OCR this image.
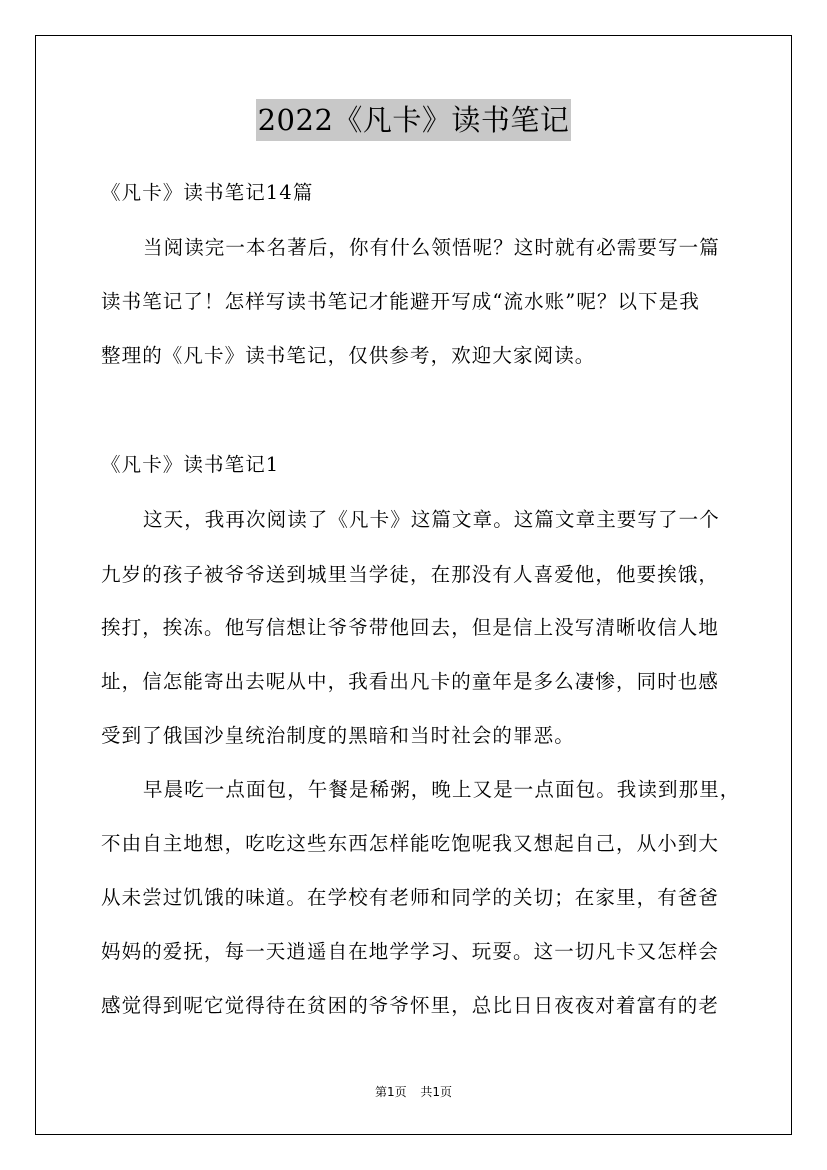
2022《凡卡》读书笔记
《凡卡》读书笔记14篇
当阅读完一本名著后，你有什么领悟呢？这时就有必需要写一篇
读书笔记了！怎样写读书笔记才能避开写成“流水账”呢？以下是我
整理的《凡卡》读书笔记，仅供参考，欢迎大家阅读。
《凡卡》读书笔记1
这天，我再次阅读了《凡卡》这篇文章。这篇文章主要写了一个
九岁的孩子被爷爷送到城里当学徒，在那没有人喜爱他，他要挨饿，
挨打，挨冻。他写信想让爷爷带他回去，但是信上没写清晰收信人地
址，信怎能寄出去呢从中，我看出凡卡的童年是多么凄惨，同时也感
受到了俄国沙皇统治制度的黑暗和当时社会的罪恶。
早晨吃一点面包，午餐是稀粥，晚上又是一点面包。我读到那里，
不由自主地想，吃吃这些东西怎样能吃饱呢我又想起自己，从小到大
从未尝过饥饿的味道。在学校有老师和同学的关切；在家里，有爸爸
妈妈的爱抚，每一天逍遥自在地学学习、玩耍。这一切凡卡又怎样会
感觉得到呢它觉得待在贫困的爷爷怀里，总比日日夜夜对着富有的老
第1页 共1页
